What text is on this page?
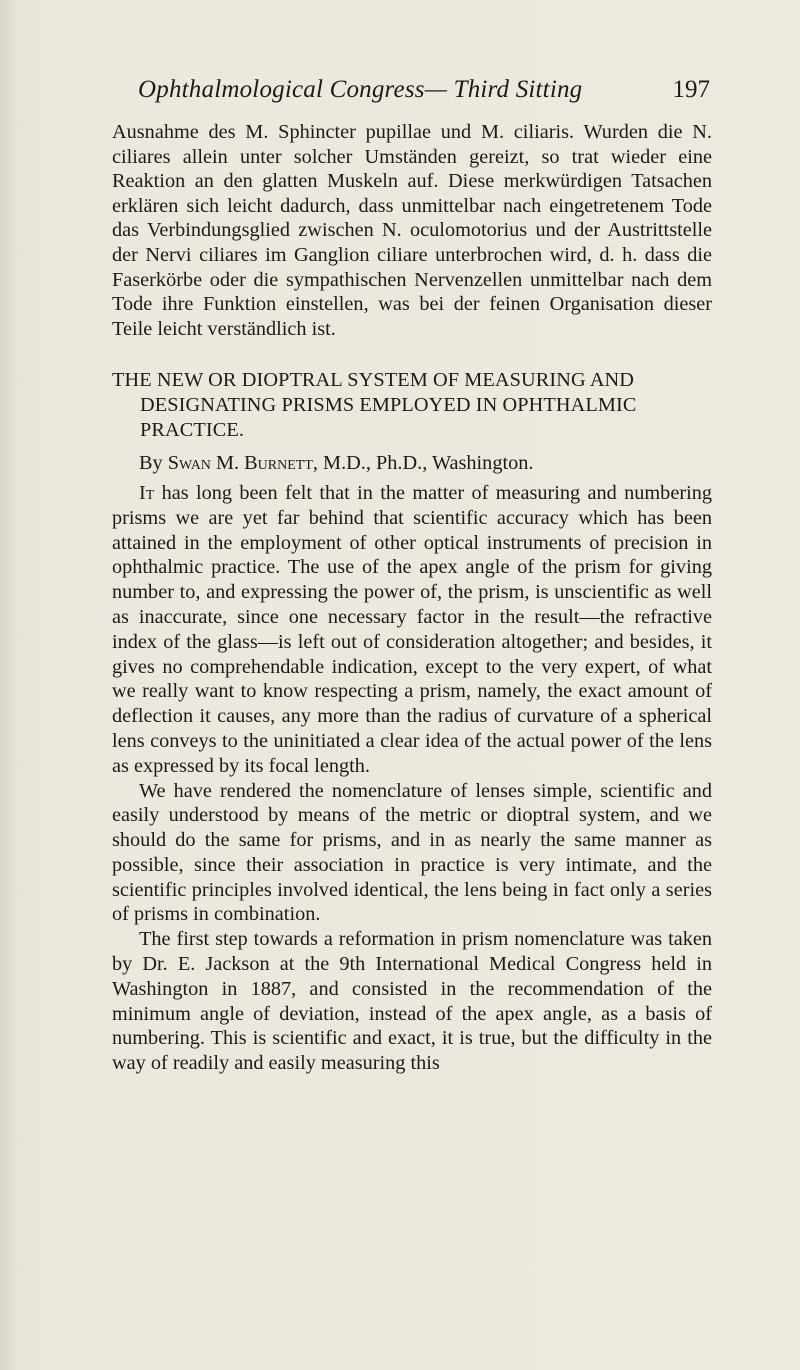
Ophthalmological Congress— Third Sitting	197

Ausnahme des M. Sphincter pupillae und M. ciliaris. Wurden die N. ciliares allein unter solcher Umständen gereizt, so trat wieder eine Reaktion an den glatten Muskeln auf. Diese merkwürdigen Tatsachen erklären sich leicht dadurch, dass unmittelbar nach eingetretenem Tode das Verbindungsglied zwischen N. oculomotorius und der Austrittstelle der Nervi ciliares im Ganglion ciliare unterbrochen wird, d. h. dass die Faserkörbe oder die sympathischen Nervenzellen unmittelbar nach dem Tode ihre Funktion einstellen, was bei der feinen Organisation dieser Teile leicht verständlich ist.

THE NEW OR DIOPTRAL SYSTEM OF MEASURING AND DESIGNATING PRISMS EMPLOYED IN OPHTHALMIC PRACTICE.

By Swan M. Burnett, M.D., Ph.D., Washington.

It has long been felt that in the matter of measuring and numbering prisms we are yet far behind that scientific accuracy which has been attained in the employment of other optical instruments of precision in ophthalmic practice. The use of the apex angle of the prism for giving number to, and expressing the power of, the prism, is unscientific as well as inaccurate, since one necessary factor in the result—the refractive index of the glass—is left out of consideration altogether; and besides, it gives no comprehendable indication, except to the very expert, of what we really want to know respecting a prism, namely, the exact amount of deflection it causes, any more than the radius of curvature of a spherical lens conveys to the uninitiated a clear idea of the actual power of the lens as expressed by its focal length.

We have rendered the nomenclature of lenses simple, scientific and easily understood by means of the metric or dioptral system, and we should do the same for prisms, and in as nearly the same manner as possible, since their association in practice is very intimate, and the scientific principles involved identical, the lens being in fact only a series of prisms in combination.

The first step towards a reformation in prism nomenclature was taken by Dr. E. Jackson at the 9th International Medical Congress held in Washington in 1887, and consisted in the recommendation of the minimum angle of deviation, instead of the apex angle, as a basis of numbering. This is scientific and exact, it is true, but the difficulty in the way of readily and easily measuring this
